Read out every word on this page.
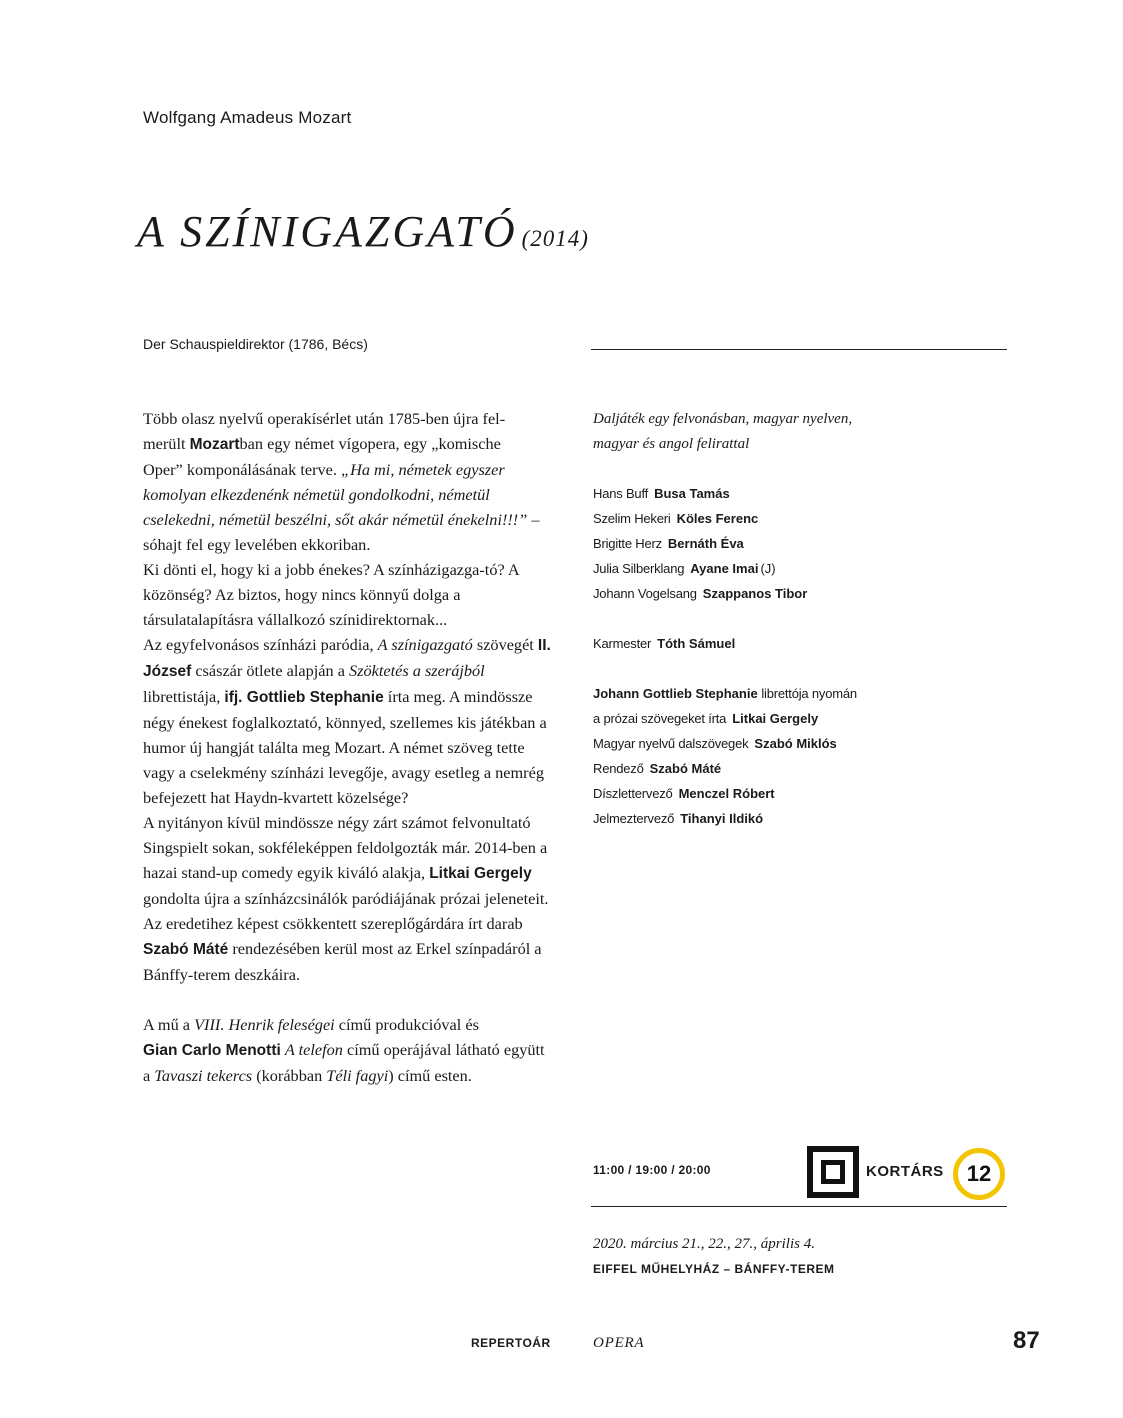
Wolfgang Amadeus Mozart
A SZÍNIGAZGATÓ (2014)
Der Schauspieldirektor (1786, Bécs)

Több olasz nyelvű operakísérlet után 1785-ben újra fel-
merült Mozartban egy német vígopera, egy „komische
Oper” komponálásának terve. „Ha mi, németek egyszer komolyan elkezdenénk németül gondolkodni, németül cselekedni, németül beszélni, sőt akár németül énekelni!!!” – sóhajt fel egy levelében ekkoriban.

Ki dönti el, hogy ki a jobb énekes? A színházigazga-tó? A közönség? Az biztos, hogy nincs könnyű dolga a társulatalapításra vállalkozó színidirektornak...

Az egyfelvonásos színházi paródia, A színigazgató szövegét II. József császár ötlete alapján a Szöktetés a szerájból librettistája, ifj. Gottlieb Stephanie írta meg. A mindössze négy énekest foglalkoztató, könnyed, szellemes kis játékban a humor új hangját találta meg Mozart. A német szöveg tette vagy a cselekmény színházi levegője, avagy esetleg a nemrég befejezett hat Haydn-kvartett közelsége?

A nyitányon kívül mindössze négy zárt számot felvonultató Singspielt sokan, sokféleképpen feldolgozták már. 2014-ben a hazai stand-up comedy egyik kiváló alakja, Litkai Gergely gondolta újra a színházcsinálók paródiájának prózai jeleneteit. Az eredetihez képest csökkentett szereplőgárdára írt darab Szabó Máté rendezésében kerül most az Erkel színpadáról a Bánffy-terem deszkáira.

A mű a VIII. Henrik feleségei című produkcióval és
Gian Carlo Menotti A telefon című operájával látható együtt a Tavaszi tekercs (korábban Téli fagyi) című esten.

Daljáték egy felvonásban, magyar nyelven,
magyar és angol felirattal
Hans Buff Busa Tamás
Szelim Hekeri Köles Ferenc
Brigitte Herz Bernáth Éva
Julia Silberklang Ayane Imai (J)
Johann Vogelsang Szappanos Tibor
Karmester Tóth Sámuel
Johann Gottlieb Stephanie librettója nyomán
a prózai szövegeket írta Litkai Gergely
Magyar nyelvű dalszövegek Szabó Miklós
Rendező Szabó Máté
Díszlettervező Menczel Róbert
Jelmeztervező Tihanyi Ildikó
11:00 / 19:00 / 20:00	KORTÁRS 12
2020. március 21., 22., 27., április 4.
EIFFEL MŰHELYHÁZ – BÁNFFY-TEREM
REPERTOÁR	OPERA	87
